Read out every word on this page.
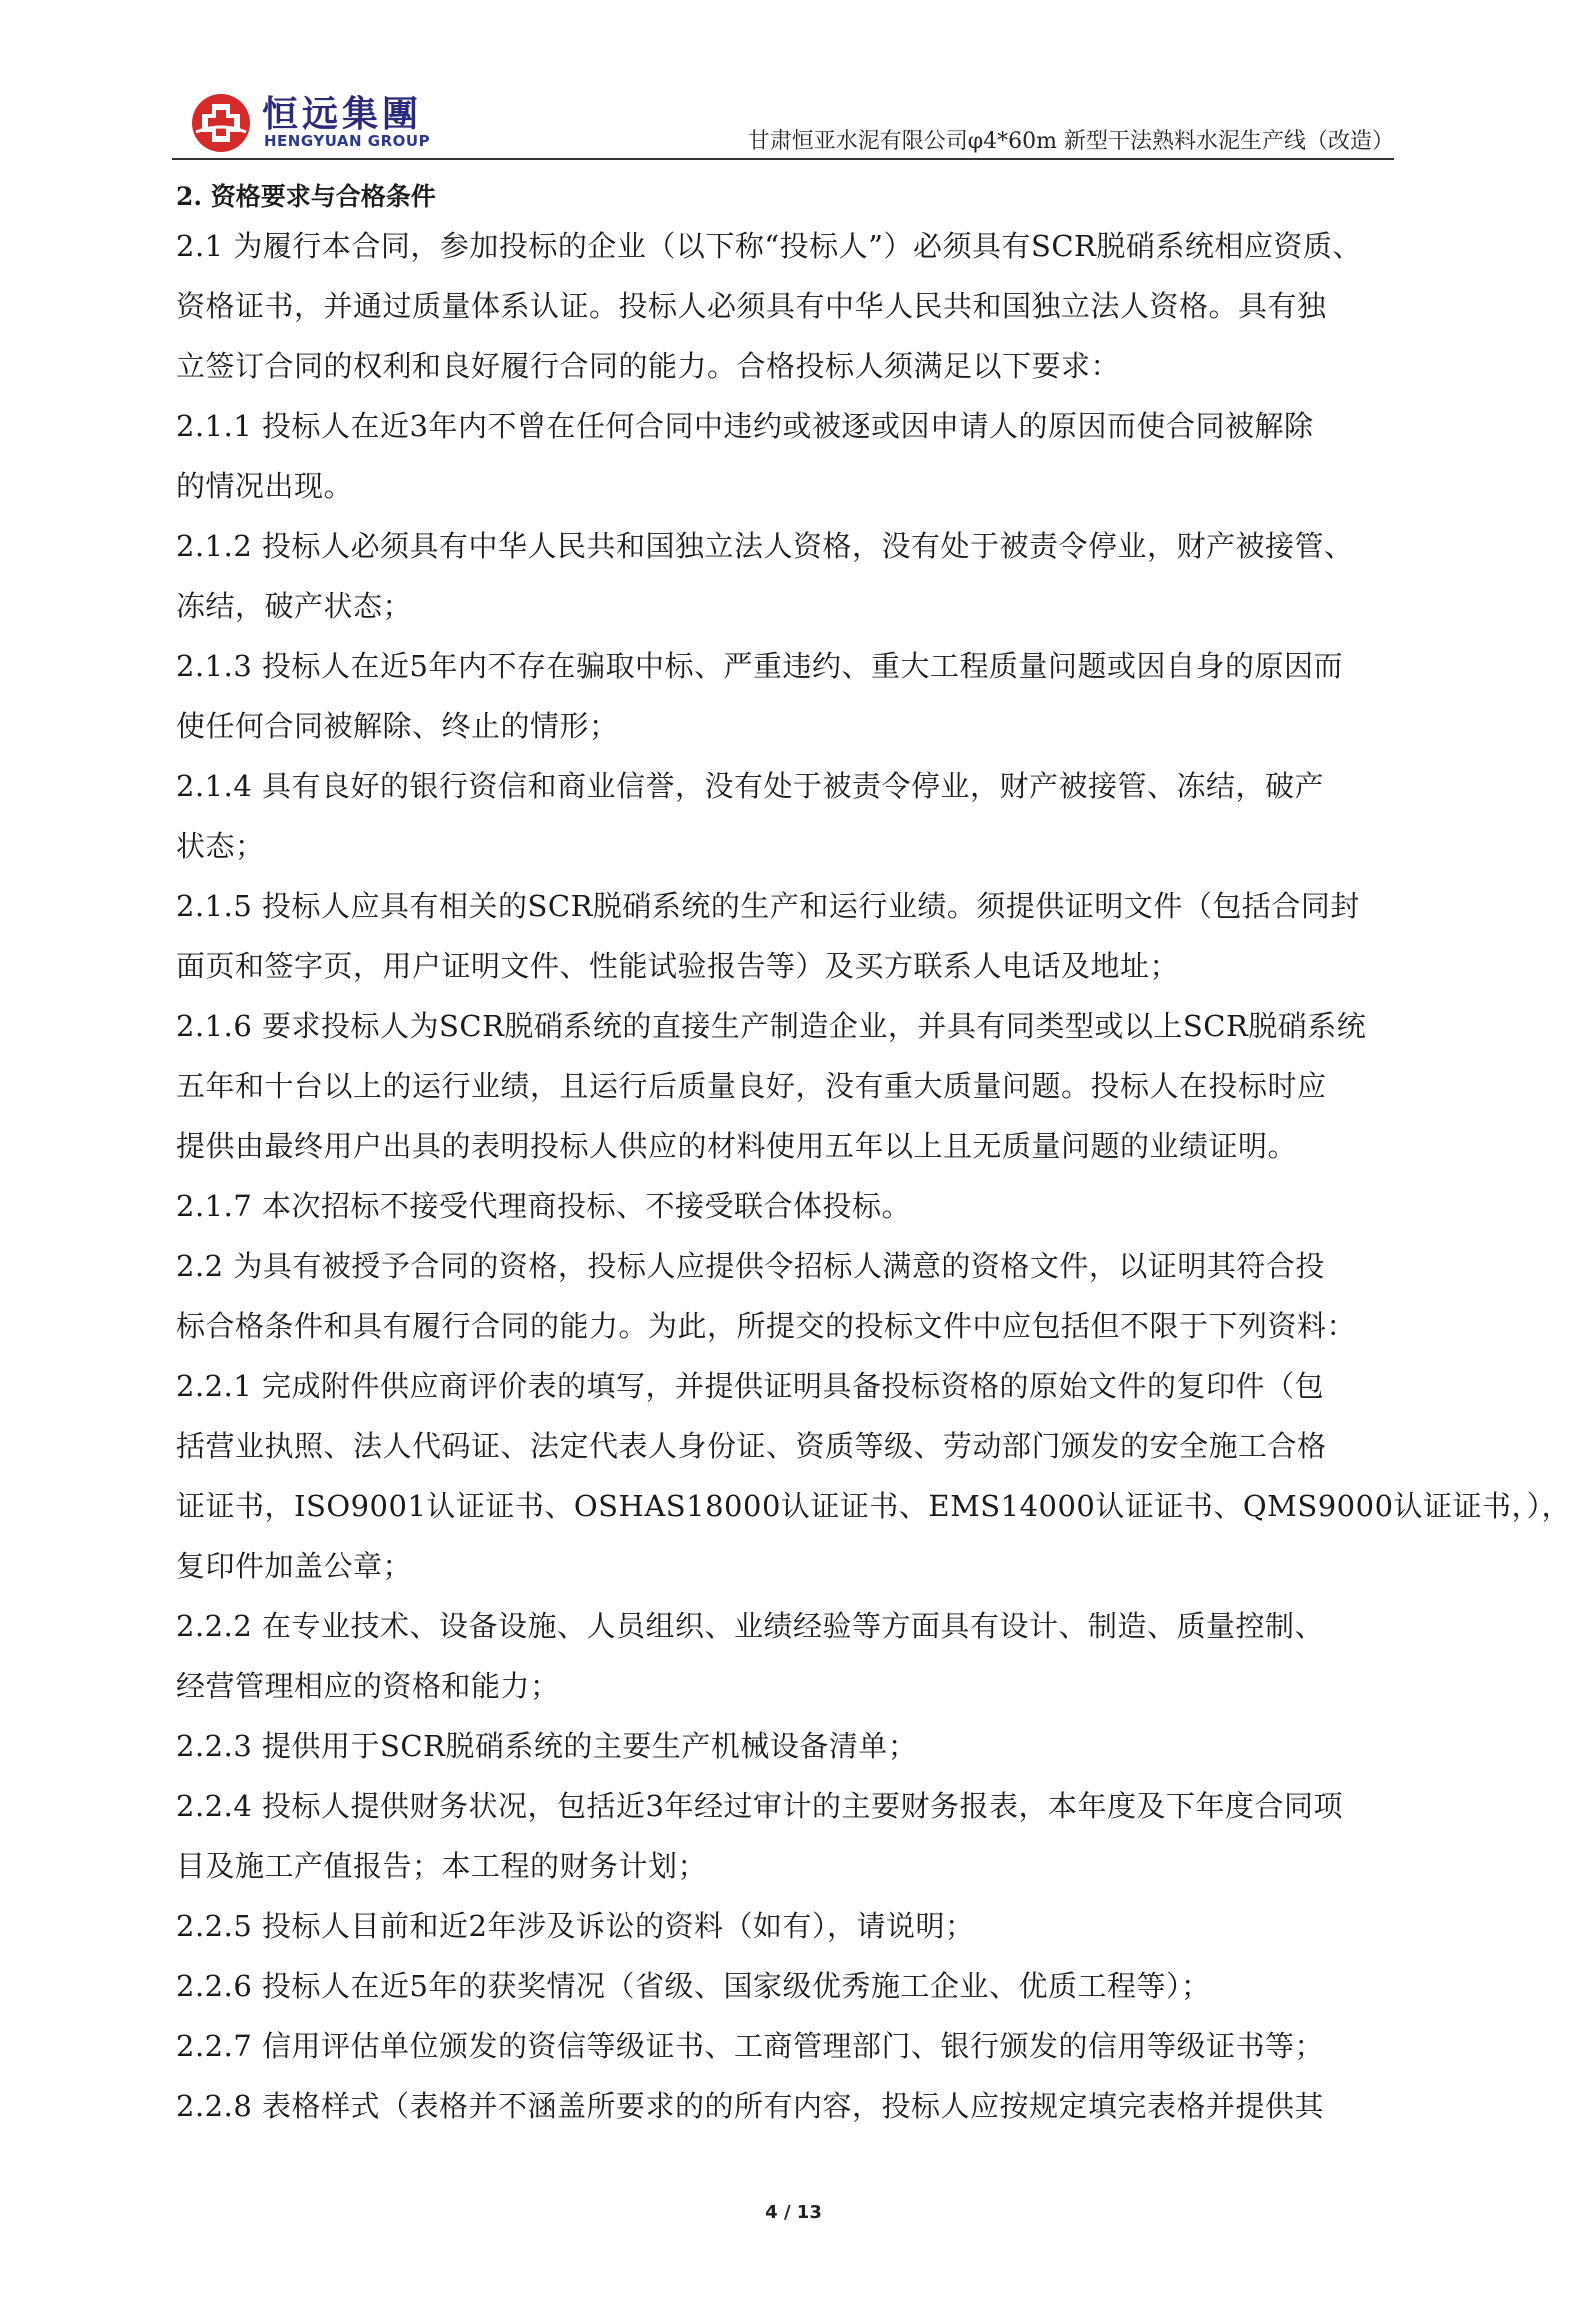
恒远集團
HENGYUAN GROUP	甘肃恒亚水泥有限公司φ4*60m 新型干法熟料水泥生产线（改造）
2. 资格要求与合格条件

2.1 为履行本合同，参加投标的企业（以下称“投标人”）必须具有SCR脱硝系统相应资质、

资格证书，并通过质量体系认证。投标人必须具有中华人民共和国独立法人资格。具有独

立签订合同的权利和良好履行合同的能力。合格投标人须满足以下要求：

2.1.1 投标人在近3年内不曾在任何合同中违约或被逐或因申请人的原因而使合同被解除

的情况出现。

2.1.2 投标人必须具有中华人民共和国独立法人资格，没有处于被责令停业，财产被接管、

冻结，破产状态；

2.1.3 投标人在近5年内不存在骗取中标、严重违约、重大工程质量问题或因自身的原因而

使任何合同被解除、终止的情形；

2.1.4 具有良好的银行资信和商业信誉，没有处于被责令停业，财产被接管、冻结，破产

状态；

2.1.5 投标人应具有相关的SCR脱硝系统的生产和运行业绩。须提供证明文件（包括合同封

面页和签字页，用户证明文件、性能试验报告等）及买方联系人电话及地址；

2.1.6 要求投标人为SCR脱硝系统的直接生产制造企业，并具有同类型或以上SCR脱硝系统

五年和十台以上的运行业绩，且运行后质量良好，没有重大质量问题。投标人在投标时应

提供由最终用户出具的表明投标人供应的材料使用五年以上且无质量问题的业绩证明。

2.1.7 本次招标不接受代理商投标、不接受联合体投标。

2.2 为具有被授予合同的资格，投标人应提供令招标人满意的资格文件，以证明其符合投

标合格条件和具有履行合同的能力。为此，所提交的投标文件中应包括但不限于下列资料：

2.2.1 完成附件供应商评价表的填写，并提供证明具备投标资格的原始文件的复印件（包

括营业执照、法人代码证、法定代表人身份证、资质等级、劳动部门颁发的安全施工合格

证证书，ISO9001认证证书、OSHAS18000认证证书、EMS14000认证证书、QMS9000认证证书，），

复印件加盖公章；

2.2.2 在专业技术、设备设施、人员组织、业绩经验等方面具有设计、制造、质量控制、

经营管理相应的资格和能力；

2.2.3 提供用于SCR脱硝系统的主要生产机械设备清单；

2.2.4 投标人提供财务状况，包括近3年经过审计的主要财务报表，本年度及下年度合同项

目及施工产值报告；本工程的财务计划；

2.2.5 投标人目前和近2年涉及诉讼的资料（如有），请说明；

2.2.6 投标人在近5年的获奖情况（省级、国家级优秀施工企业、优质工程等）；

2.2.7 信用评估单位颁发的资信等级证书、工商管理部门、银行颁发的信用等级证书等；

2.2.8 表格样式（表格并不涵盖所要求的的所有内容，投标人应按规定填完表格并提供其

4 / 13
